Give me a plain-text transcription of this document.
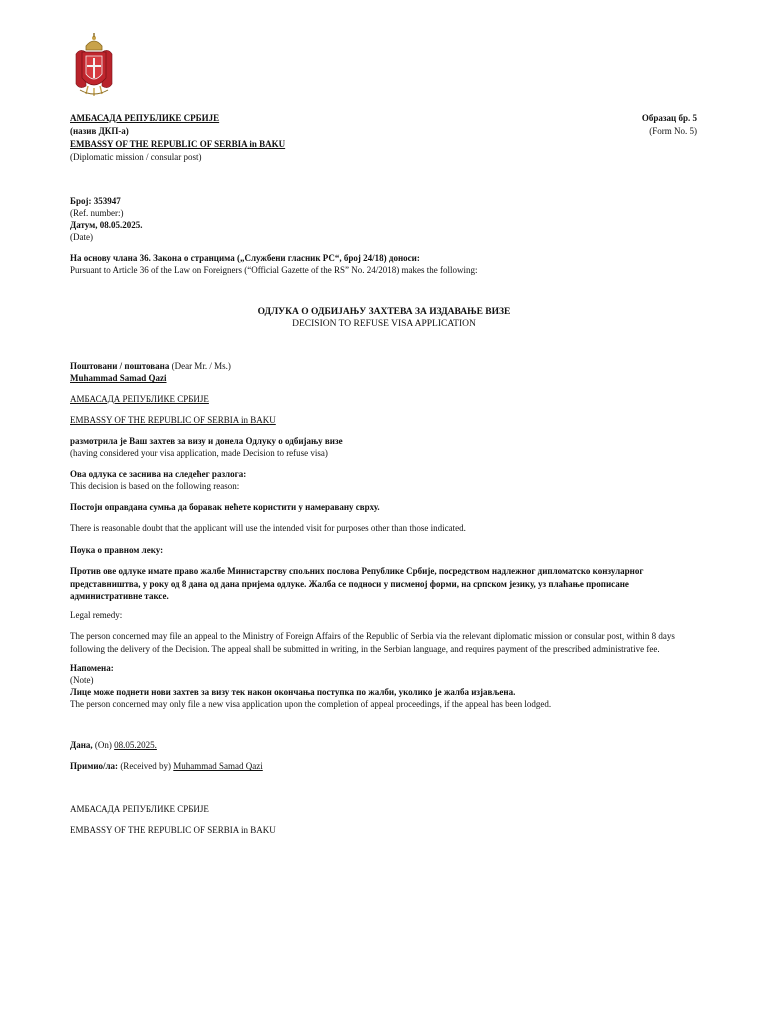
АМБАСАДА РЕПУБЛИКЕ СРБИЈЕ
(назив ДКП-а)
EMBASSY OF THE REPUBLIC OF SERBIA in BAKU
(Diplomatic mission / consular post)
Образац бр. 5
(Form No. 5)
Број: 353947
(Ref. number:)
Датум, 08.05.2025.
(Date)
На основу члана 36. Закона о странцима („Службени гласник РС“, број 24/18) доноси:
Pursuant to Article 36 of the Law on Foreigners (“Official Gazette of the RS” No. 24/2018) makes the following:
ОДЛУКА О ОДБИЈАЊУ ЗАХТЕВА ЗА ИЗДАВАЊЕ ВИЗЕ
DECISION TO REFUSE VISA APPLICATION
Поштовани / поштована (Dear Mr. / Ms.)
Muhammad Samad Qazi
АМБАСАДА РЕПУБЛИКЕ СРБИЈЕ
EMBASSY OF THE REPUBLIC OF SERBIA in BAKU
размотрила је Ваш захтев за визу и донела Одлуку о одбијању визе
(having considered your visa application, made Decision to refuse visa)
Ова одлука се заснива на следећег разлога:
This decision is based on the following reason:
Постоји оправдана сумња да боравак нећете користити у намеравану сврху.
There is reasonable doubt that the applicant will use the intended visit for purposes other than those indicated.
Поука о правном леку:
Против ове одлуке имате право жалбе Министарству спољних послова Републике Србије, посредством надлежног дипломатско конзуларног представништва, у року од 8 дана од дана пријема одлуке. Жалба се подноси у писменој форми, на српском језику, уз плаћање прописане административне таксе.
Legal remedy:
The person concerned may file an appeal to the Ministry of Foreign Affairs of the Republic of Serbia via the relevant diplomatic mission or consular post, within 8 days following the delivery of the Decision. The appeal shall be submitted in writing, in the Serbian language, and requires payment of the prescribed administrative fee.
Напомена:
(Note)
Лице може поднети нови захтев за визу тек након окончања поступка по жалби, уколико је жалба изјављена.
The person concerned may only file a new visa application upon the completion of appeal proceedings, if the appeal has been lodged.
Дана, (On) 08.05.2025.
Примио/ла: (Received by) Muhammad Samad Qazi
АМБАСАДА РЕПУБЛИКЕ СРБИЈЕ
EMBASSY OF THE REPUBLIC OF SERBIA in BAKU
